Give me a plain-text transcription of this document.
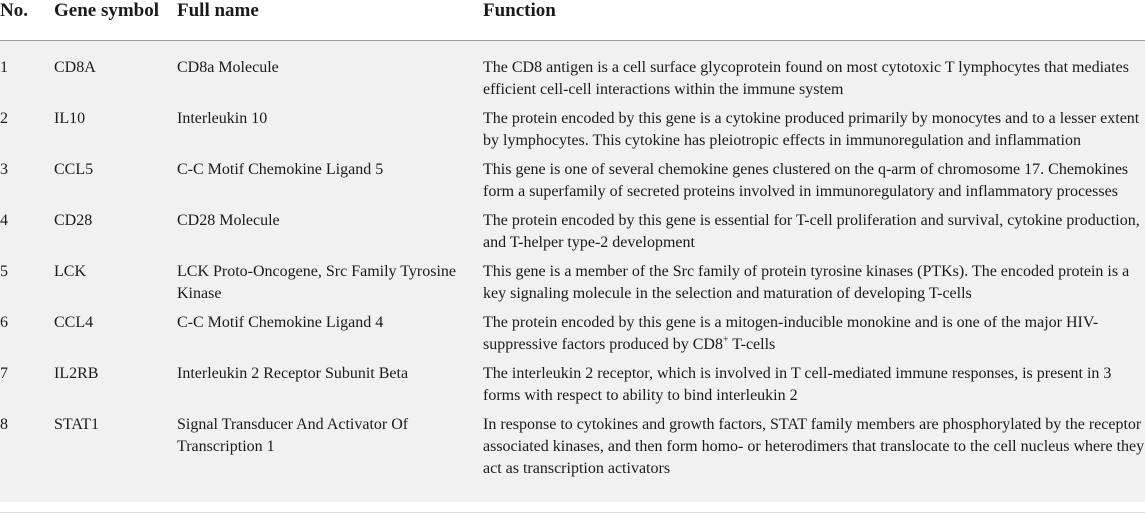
No.	Gene symbol	Full name	Function
1	CD8A	CD8a Molecule	The CD8 antigen is a cell surface glycoprotein found on most cytotoxic T lymphocytes that mediates efficient cell-cell interactions within the immune system
2	IL10	Interleukin 10	The protein encoded by this gene is a cytokine produced primarily by monocytes and to a lesser extent by lymphocytes. This cytokine has pleiotropic effects in immunoregulation and inflammation
3	CCL5	C-C Motif Chemokine Ligand 5	This gene is one of several chemokine genes clustered on the q-arm of chromosome 17. Chemokines form a superfamily of secreted proteins involved in immunoregulatory and inflammatory processes
4	CD28	CD28 Molecule	The protein encoded by this gene is essential for T-cell proliferation and survival, cytokine production, and T-helper type-2 development
5	LCK	LCK Proto-Oncogene, Src Family Tyrosine Kinase	This gene is a member of the Src family of protein tyrosine kinases (PTKs). The encoded protein is a key signaling molecule in the selection and maturation of developing T-cells
6	CCL4	C-C Motif Chemokine Ligand 4	The protein encoded by this gene is a mitogen-inducible monokine and is one of the major HIV-suppressive factors produced by CD8+ T-cells
7	IL2RB	Interleukin 2 Receptor Subunit Beta	The interleukin 2 receptor, which is involved in T cell-mediated immune responses, is present in 3 forms with respect to ability to bind interleukin 2
8	STAT1	Signal Transducer And Activator Of Transcription 1	In response to cytokines and growth factors, STAT family members are phosphorylated by the receptor associated kinases, and then form homo- or heterodimers that translocate to the cell nucleus where they act as transcription activators
